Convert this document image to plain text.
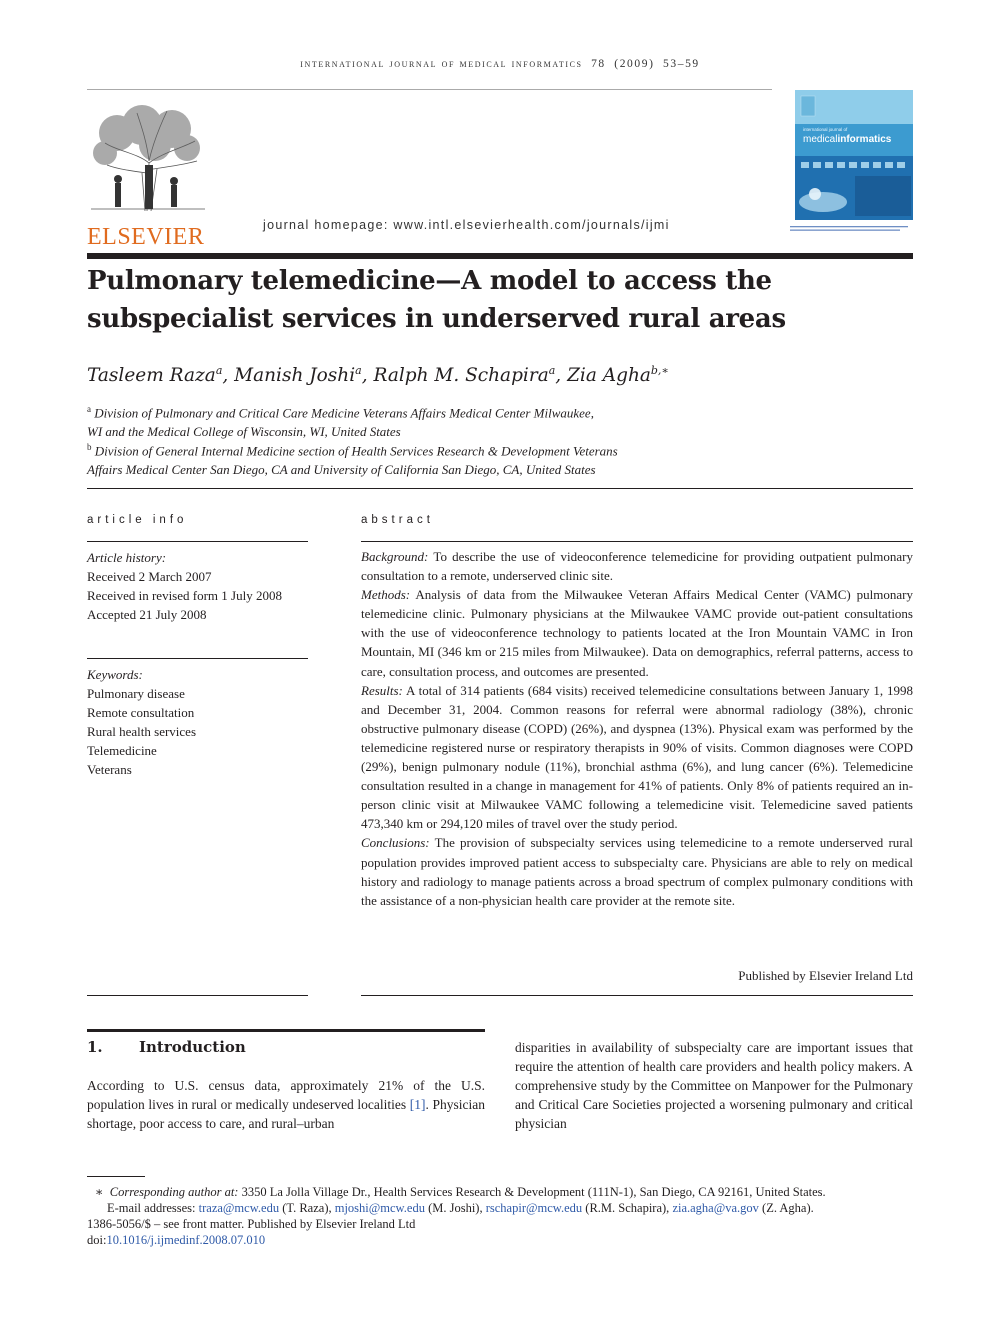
international journal of medical informatics 78 (2009) 53–59
ELSEVIER	journal homepage: www.intl.elsevierhealth.com/journals/ijmi
international journal of
medicalinformatics
Pulmonary telemedicine—A model to access the
subspecialist services in underserved rural areas
Tasleem Raza$^a$, Manish Joshi$^a$, Ralph M. Schapira$^a$, Zia Agha$^{b,∗}$
$^a$ Division of Pulmonary and Critical Care Medicine Veterans Affairs Medical Center Milwaukee,
WI and the Medical College of Wisconsin, WI, United States
$^b$ Division of General Internal Medicine section of Health Services Research & Development Veterans
Affairs Medical Center San Diego, CA and University of California San Diego, CA, United States
article info
Article history:
Received 2 March 2007
Received in revised form 1 July 2008
Accepted 21 July 2008
Keywords:
Pulmonary disease
Remote consultation
Rural health services
Telemedicine
Veterans
abstract

Background: To describe the use of videoconference telemedicine for providing outpatient pulmonary consultation to a remote, underserved clinic site.

Methods: Analysis of data from the Milwaukee Veteran Affairs Medical Center (VAMC) pulmonary telemedicine clinic. Pulmonary physicians at the Milwaukee VAMC provide out-patient consultations with the use of videoconference technology to patients located at the Iron Mountain VAMC in Iron Mountain, MI (346 km or 215 miles from Milwaukee). Data on demographics, referral patterns, access to care, consultation process, and outcomes are presented.

Results: A total of 314 patients (684 visits) received telemedicine consultations between January 1, 1998 and December 31, 2004. Common reasons for referral were abnormal radiology (38%), chronic obstructive pulmonary disease (COPD) (26%), and dyspnea (13%). Physical exam was performed by the telemedicine registered nurse or respiratory therapists in 90% of visits. Common diagnoses were COPD (29%), benign pulmonary nodule (11%), bronchial asthma (6%), and lung cancer (6%). Telemedicine consultation resulted in a change in management for 41% of patients. Only 8% of patients required an in-person clinic visit at Milwaukee VAMC following a telemedicine visit. Telemedicine saved patients 473,340 km or 294,120 miles of travel over the study period.

Conclusions: The provision of subspecialty services using telemedicine to a remote underserved rural population provides improved patient access to subspecialty care. Physicians are able to rely on medical history and radiology to manage patients across a broad spectrum of complex pulmonary conditions with the assistance of a non-physician health care provider at the remote site.

Published by Elsevier Ireland Ltd
1. Introduction

According to U.S. census data, approximately 21% of the U.S. population lives in rural or medically undeserved localities [1]. Physician shortage, poor access to care, and rural–urban

disparities in availability of subspecialty care are important issues that require the attention of health care providers and health policy makers. A comprehensive study by the Committee on Manpower for the Pulmonary and Critical Care Societies projected a worsening pulmonary and critical physician

∗ Corresponding author at: 3350 La Jolla Village Dr., Health Services Research & Development (111N-1), San Diego, CA 92161, United States.

E-mail addresses: traza@mcw.edu (T. Raza), mjoshi@mcw.edu (M. Joshi), rschapir@mcw.edu (R.M. Schapira), zia.agha@va.gov (Z. Agha).

1386-5056/$ – see front matter. Published by Elsevier Ireland Ltd

doi:10.1016/j.ijmedinf.2008.07.010
